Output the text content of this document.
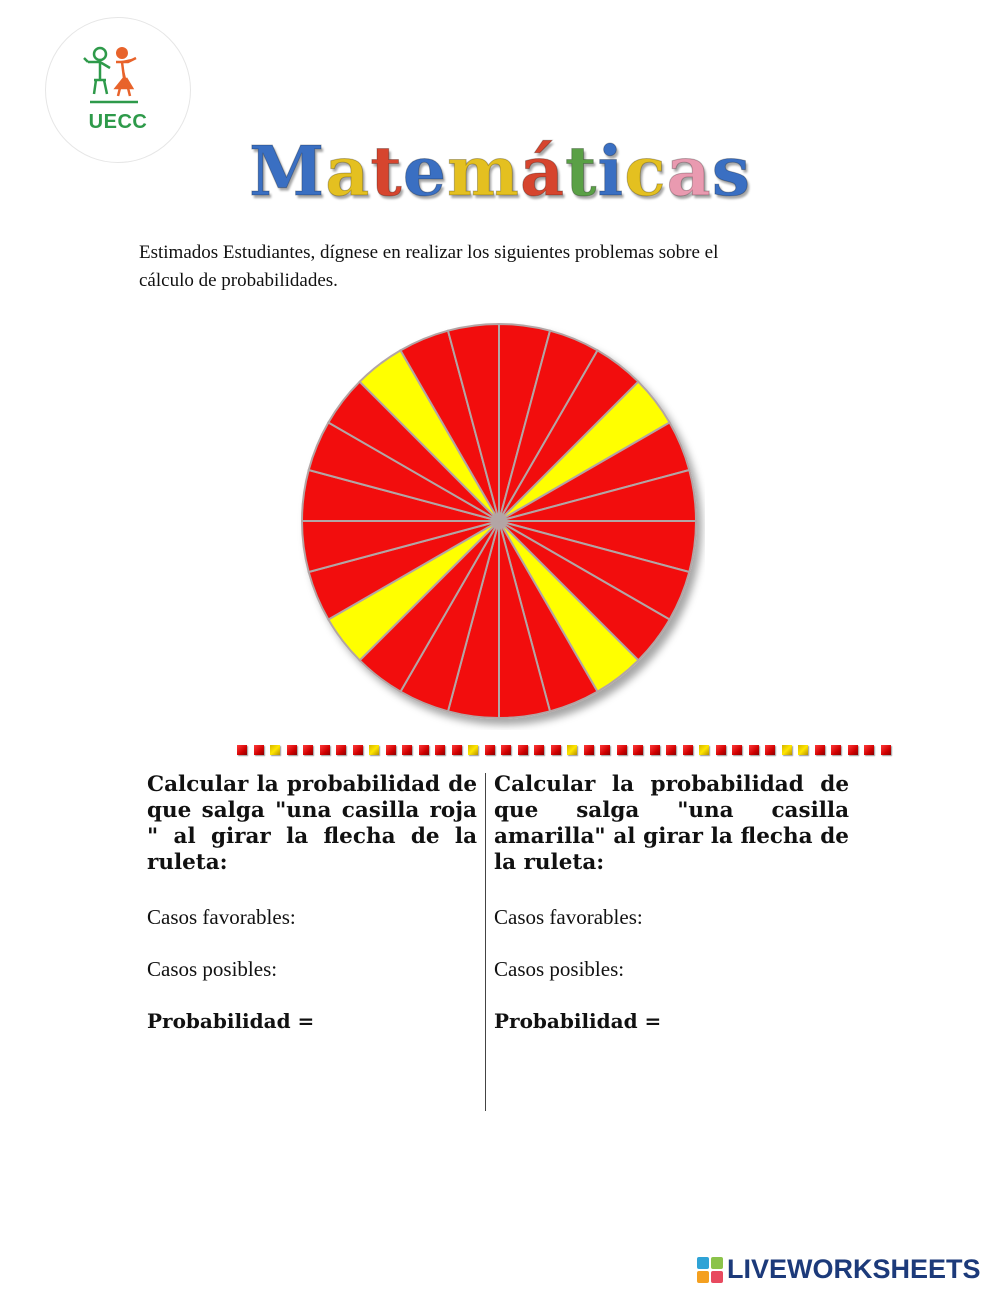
UECC
Matemáticas
Estimados Estudiantes, dígnese en realizar los siguientes problemas sobre el
cálculo de probabilidades.
Calcular la probabilidad de que salga "una casilla roja " al girar la flecha de la ruleta:
Casos favorables:
Casos posibles:
Probabilidad =
Calcular la probabilidad de que salga "una casilla amarilla" al girar la flecha de la ruleta:
Casos favorables:
Casos posibles:
Probabilidad =
LIVEWORKSHEETS
